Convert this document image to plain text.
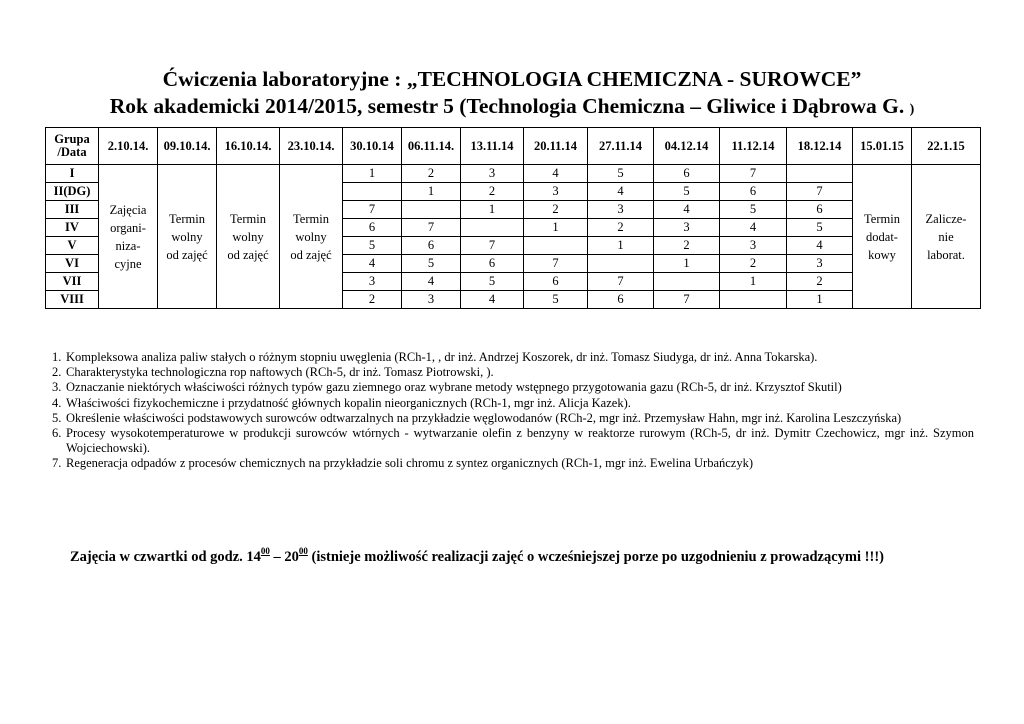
Ćwiczenia laboratoryjne : „TECHNOLOGIA CHEMICZNA - SUROWCE”
Rok akademicki 2014/2015, semestr 5 (Technologia Chemiczna – Gliwice i Dąbrowa G. )
Grupa
/Data	2.10.14.	09.10.14.	16.10.14.	23.10.14.	30.10.14	06.11.14.	13.11.14	20.11.14	27.11.14	04.12.14	11.12.14	18.12.14	15.01.15	22.1.15
I	Zajęcia
organi-
niza-
cyjne	Termin
wolny
od zajęć	Termin
wolny
od zajęć	Termin
wolny
od zajęć	1	2	3	4	5	6	7		Termin
dodat-
kowy	Zalicze-
nie
laborat.
II(DG)						1	2	3	4	5	6	7		
III					7		1	2	3	4	5	6		
IV					6	7		1	2	3	4	5		
V					5	6	7		1	2	3	4		
VI					4	5	6	7		1	2	3		
VII					3	4	5	6	7		1	2		
VIII					2	3	4	5	6	7		1		
1. Kompleksowa analiza paliw stałych o różnym stopniu uwęglenia (RCh-1, , dr inż. Andrzej Koszorek, dr inż. Tomasz Siudyga, dr inż. Anna Tokarska).
2. Charakterystyka technologiczna rop naftowych (RCh-5, dr inż. Tomasz Piotrowski, ).
3. Oznaczanie niektórych właściwości różnych typów gazu ziemnego oraz wybrane metody wstępnego przygotowania gazu (RCh-5, dr inż. Krzysztof Skutil)
4. Właściwości fizykochemiczne i przydatność głównych kopalin nieorganicznych (RCh-1, mgr inż. Alicja Kazek).
5. Określenie właściwości podstawowych surowców odtwarzalnych na przykładzie węglowodanów (RCh-2, mgr inż. Przemysław Hahn, mgr inż. Karolina Leszczyńska)
6. Procesy wysokotemperaturowe w produkcji surowców wtórnych - wytwarzanie olefin z benzyny w reaktorze rurowym (RCh-5, dr inż. Dymitr Czechowicz, mgr inż. Szymon Wojciechowski).
7. Regeneracja odpadów z procesów chemicznych na przykładzie soli chromu z syntez organicznych (RCh-1, mgr inż. Ewelina Urbańczyk)
Zajęcia w czwartki od godz. $14^{00} - 20^{00}$ (istnieje możliwość realizacji zajęć o wcześniejszej porze po uzgodnieniu z prowadzącymi !!!)
